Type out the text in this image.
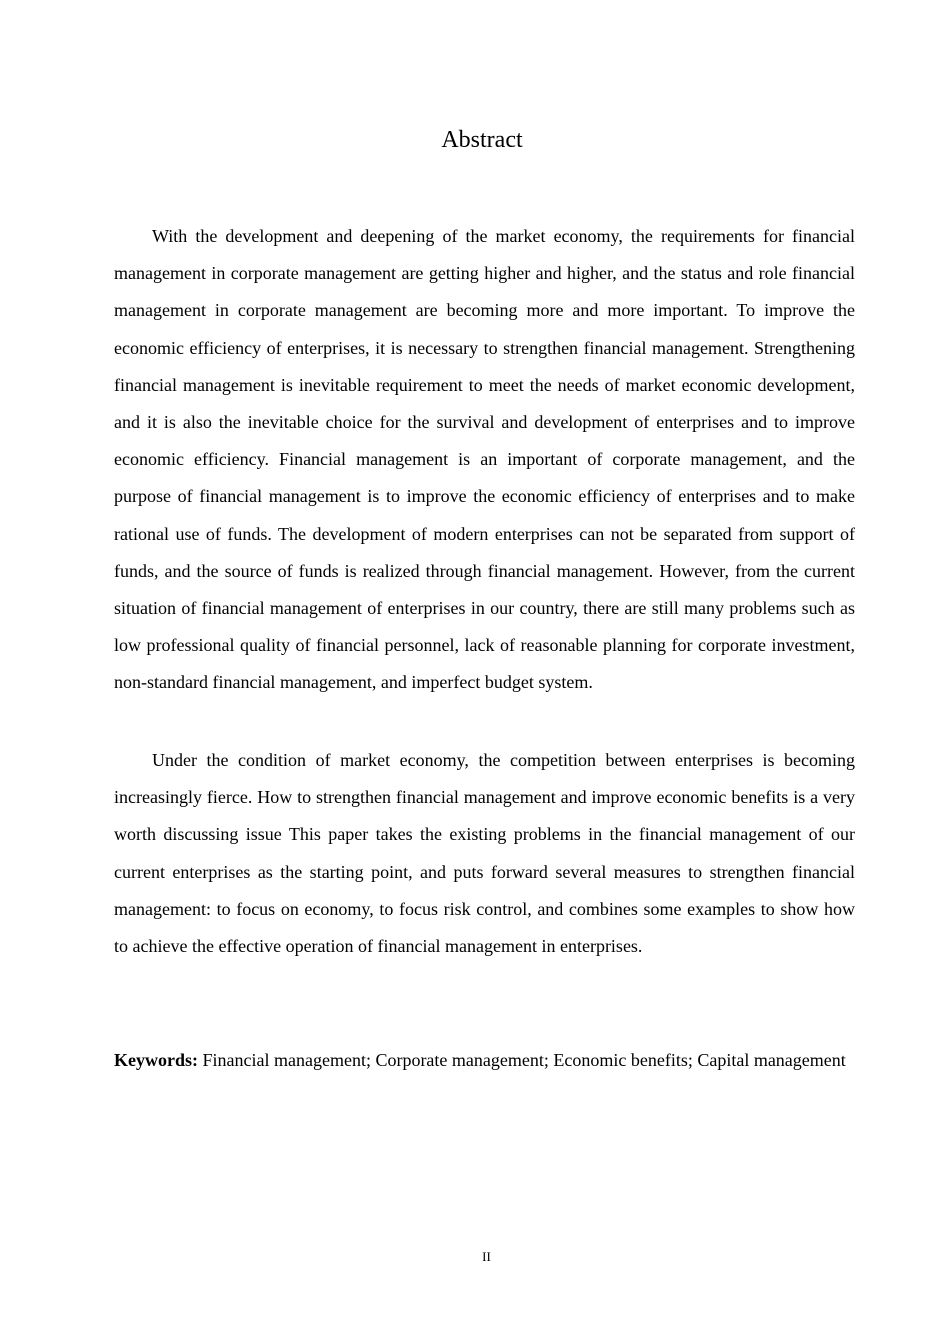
Abstract

With the development and deepening of the market economy, the requirements for financial management in corporate management are getting higher and higher, and the status and role financial management in corporate management are becoming more and more important. To improve the economic efficiency of enterprises, it is necessary to strengthen financial management. Strengthening financial management is inevitable requirement to meet the needs of market economic development, and it is also the inevitable choice for the survival and development of enterprises and to improve economic efficiency. Financial management is an important of corporate management, and the purpose of financial management is to improve the economic efficiency of enterprises and to make rational use of funds. The development of modern enterprises can not be separated from support of funds, and the source of funds is realized through financial management. However, from the current situation of financial management of enterprises in our country, there are still many problems such as low professional quality of financial personnel, lack of reasonable planning for corporate investment, non-standard financial management, and imperfect budget system.

Under the condition of market economy, the competition between enterprises is becoming increasingly fierce. How to strengthen financial management and improve economic benefits is a very worth discussing issue This paper takes the existing problems in the financial management of our current enterprises as the starting point, and puts forward several measures to strengthen financial management: to focus on economy, to focus risk control, and combines some examples to show how to achieve the effective operation of financial management in enterprises.

Keywords: Financial management; Corporate management; Economic benefits; Capital management

II
